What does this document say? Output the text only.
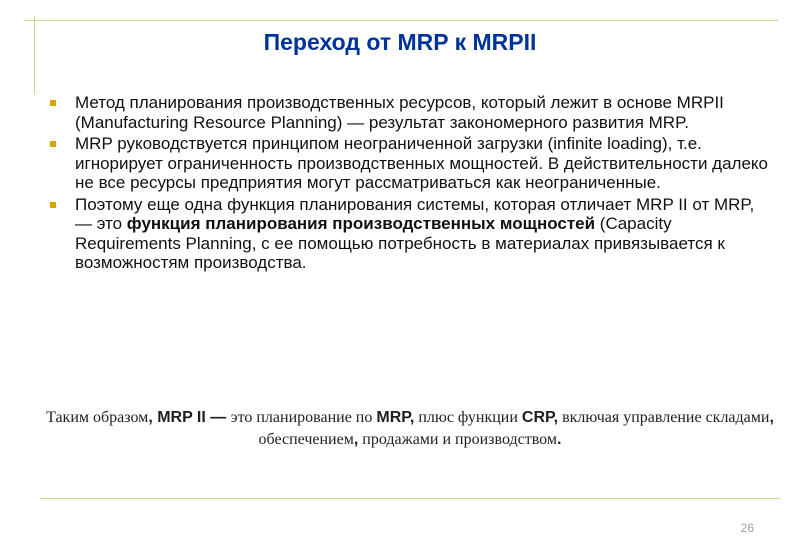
Переход от MRP к MRPII
Метод планирования производственных ресурсов, который лежит в основе MRPII (Manufacturing Resource Planning) — результат закономерного развития MRP.
MRP руководствуется принципом неограниченной загрузки (infinite loading), т.е. игнорирует ограниченность производственных мощностей. В действительности далеко не все ресурсы предприятия могут рассматриваться как неограниченные.
Поэтому еще одна функция планирования системы, которая отличает MRP II от MRP, — это функция планирования производственных мощностей (Capacity Requirements Planning, с ее помощью потребность в материалах привязывается к возможностям производства.

Таким образом, MRP II — это планирование по MRP, плюс функции CRP, включая управление складами, обеспечением, продажами и производством.

26
